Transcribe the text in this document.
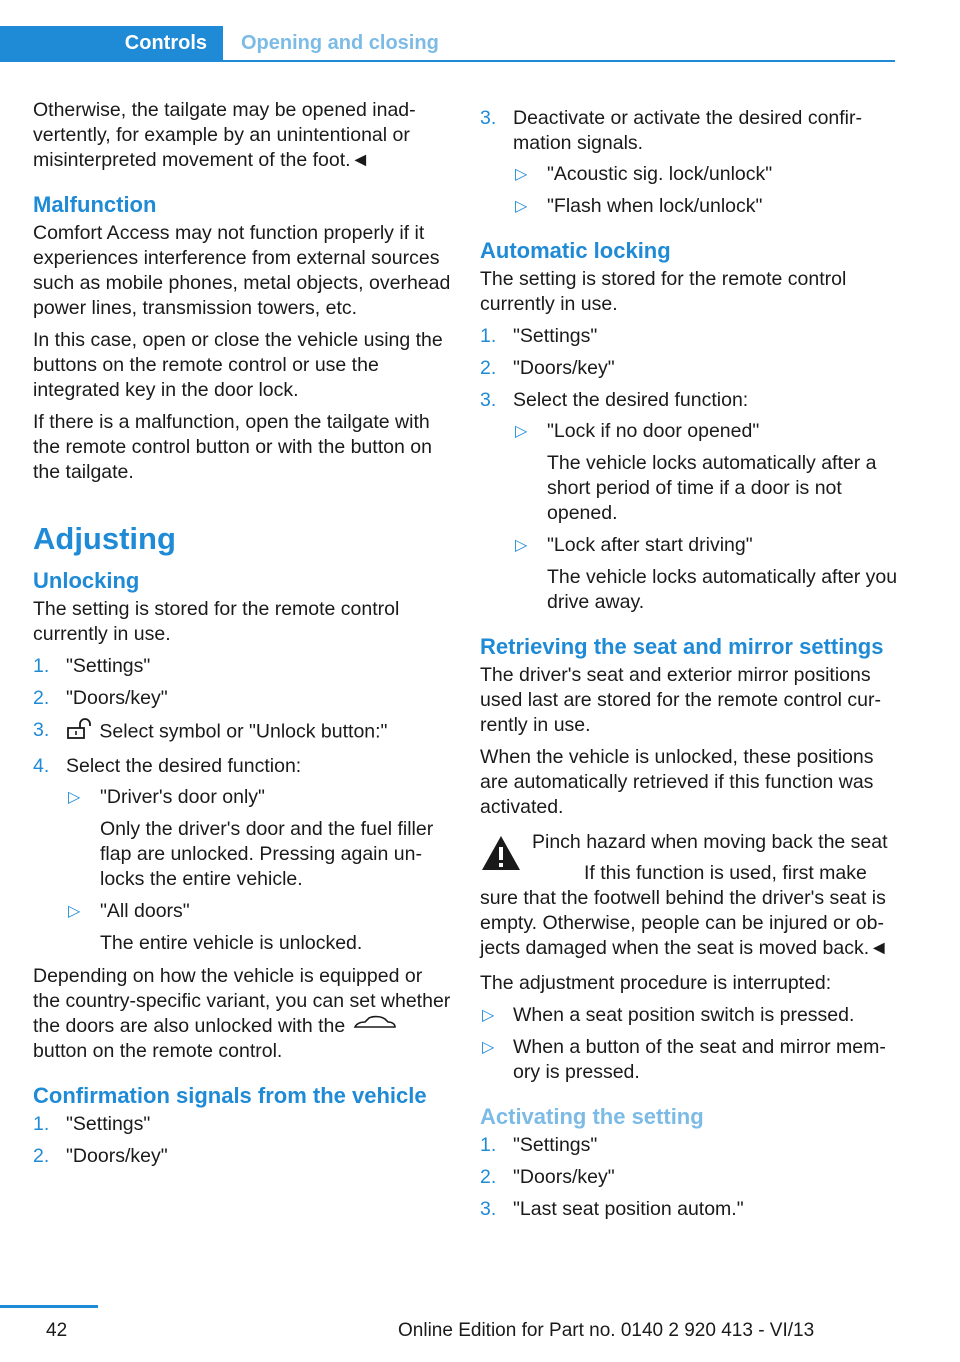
Controls	Opening and closing

Otherwise, the tailgate may be opened inadvertently, for example by an unintentional or misinterpreted movement of the foot.◄

Malfunction

Comfort Access may not function properly if it experiences interference from external sources such as mobile phones, metal objects, overhead power lines, transmission towers, etc.

In this case, open or close the vehicle using the buttons on the remote control or use the integrated key in the door lock.

If there is a malfunction, open the tailgate with the remote control button or with the button on the tailgate.

Adjusting
Unlocking

The setting is stored for the remote control currently in use.

1. "Settings"
2. "Doors/key"
3.	Select symbol or "Unlock button:"
4. Select the desired function:
▷ "Driver's door only"
Only the driver's door and the fuel filler flap are unlocked. Pressing again unlocks the entire vehicle.
▷ "All doors"
The entire vehicle is unlocked.

Depending on how the vehicle is equipped or the country-specific variant, you can set whether the doors are also unlocked with the  button on the remote control.

Confirmation signals from the vehicle
1. "Settings"
2. "Doors/key"
3. Deactivate or activate the desired confirmation signals.
▷ "Acoustic sig. lock/unlock"
▷ "Flash when lock/unlock"
Automatic locking

The setting is stored for the remote control currently in use.

1. "Settings"
2. "Doors/key"
3. Select the desired function:
▷ "Lock if no door opened"
The vehicle locks automatically after a short period of time if a door is not opened.
▷ "Lock after start driving"
The vehicle locks automatically after you drive away.
Retrieving the seat and mirror settings

The driver's seat and exterior mirror positions used last are stored for the remote control currently in use.

When the vehicle is unlocked, these positions are automatically retrieved if this function was activated.

Pinch hazard when moving back the seat
If this function is used, first make sure that the footwell behind the driver's seat is empty. Otherwise, people can be injured or objects damaged when the seat is moved back.◄

The adjustment procedure is interrupted:

▷ When a seat position switch is pressed.
▷ When a button of the seat and mirror memory is pressed.
Activating the setting
1. "Settings"
2. "Doors/key"
3. "Last seat position autom."
42	Online Edition for Part no. 0140 2 920 413 - VI/13
